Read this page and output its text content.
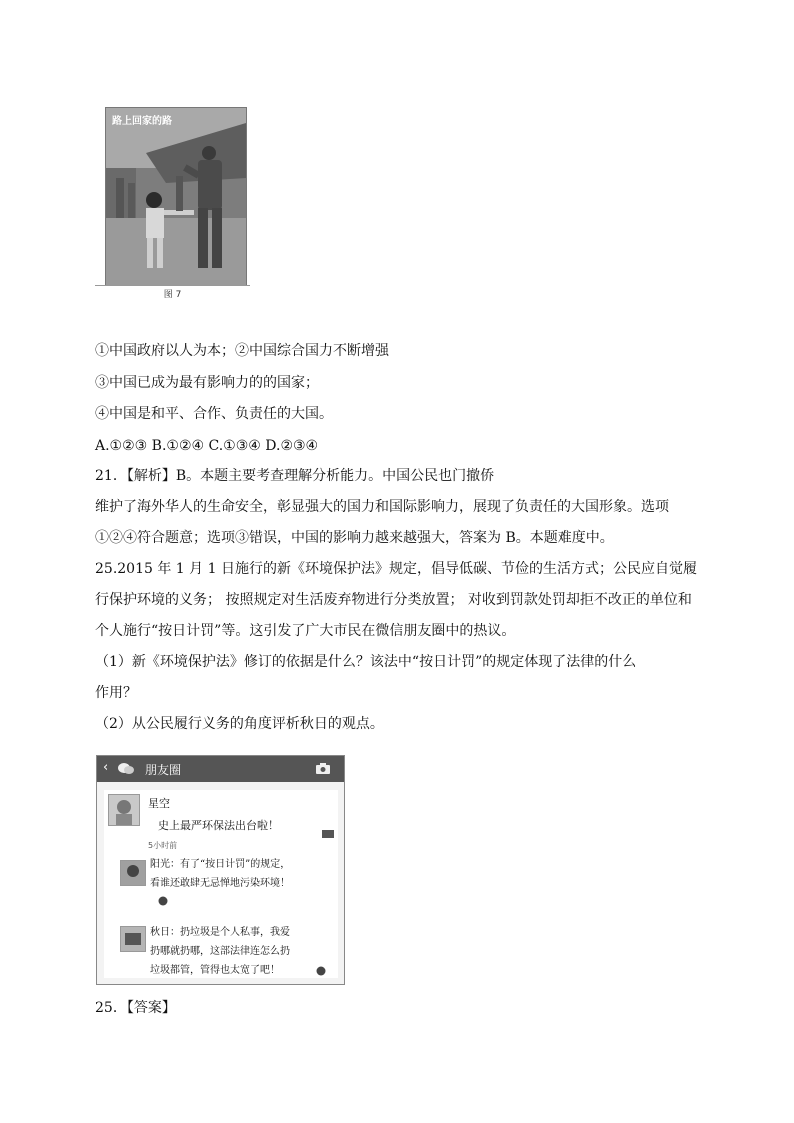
路上回家的路
图 7
①中国政府以人为本；②中国综合国力不断增强
③中国已成为最有影响力的的国家；
④中国是和平、合作、负责任的大国。
A.①②③ B.①②④ C.①③④ D.②③④
21．【解析】B。本题主要考查理解分析能力。中国公民也门撤侨
维护了海外华人的生命安全，彰显强大的国力和国际影响力，展现了负责任的大国形象。选项
①②④符合题意；选项③错误，中国的影响力越来越强大，答案为 B。本题难度中。
25.2015 年 1 月 1 日施行的新《环境保护法》规定，倡导低碳、节俭的生活方式；公民应自觉履
行保护环境的义务； 按照规定对生活废弃物进行分类放置； 对收到罚款处罚却拒不改正的单位和
个人施行“按日计罚”等。这引发了广大市民在微信朋友圈中的热议。
（1）新《环境保护法》修订的依据是什么？该法中“按日计罚”的规定体现了法律的什么
作用？
（2）从公民履行义务的角度评析秋日的观点。
‹	朋友圈
星空
史上最严环保法出台啦！
5小时前
阳光：有了“按日计罚”的规定，
看谁还敢肆无忌惮地污染环境！
秋日：扔垃圾是个人私事，我爱
扔哪就扔哪，这部法律连怎么扔
垃圾都管，管得也太宽了吧！
25．【答案】
